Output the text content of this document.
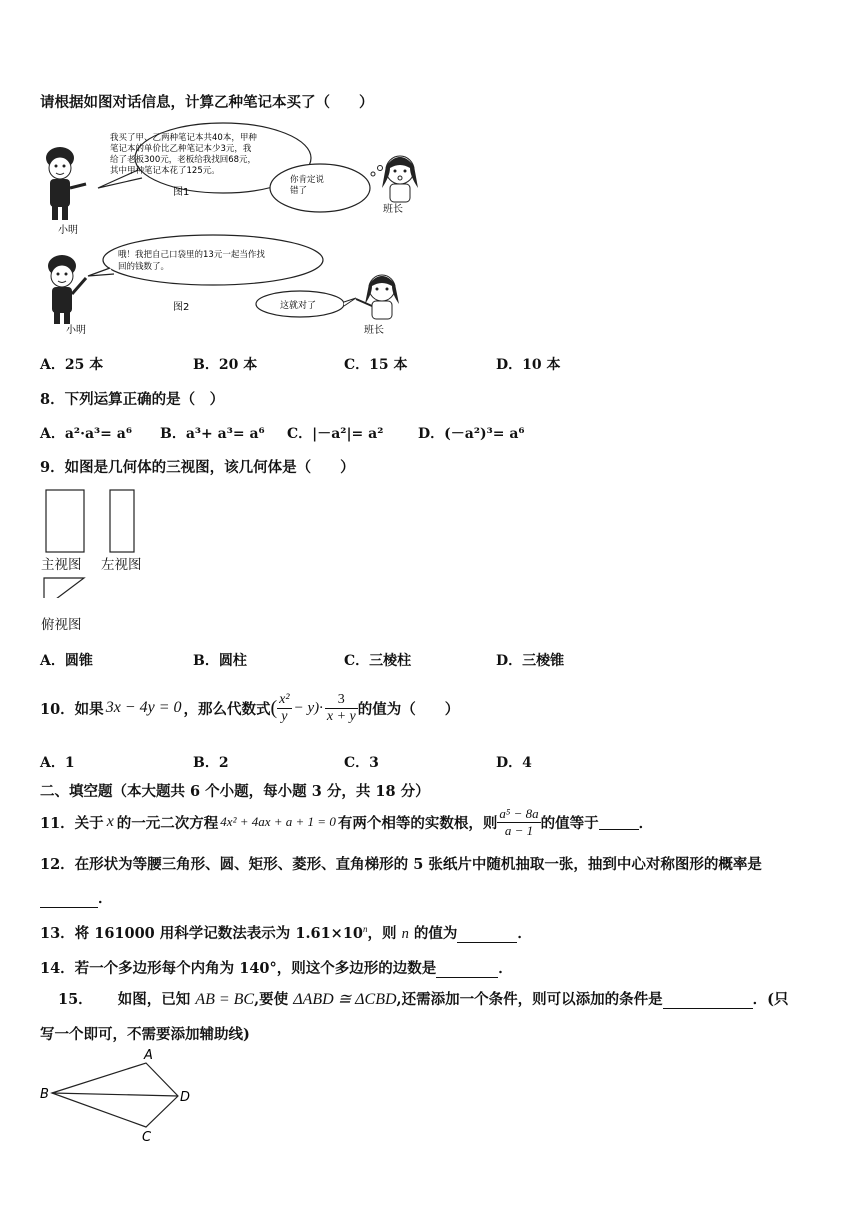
请根据如图对话信息，计算乙种笔记本买了（　　）
我买了甲、乙两种笔记本共40本，甲种
笔记本的单价比乙种笔记本少3元，我
给了老板300元，老板给我找回68元，
其中甲种笔记本花了125元。
图1
你肯定说
错了
小明
班长
哦！我把自己口袋里的13元一起当作找
回的钱数了。
图2	这就对了
小明	班长
A．25 本	B．20 本	C．15 本	D．10 本
8．下列运算正确的是（　）
A．a²·a³= a⁶ B．a³+ a³= a⁶ C．|－a²|= a² D．(－a²)³= a⁶
9．如图是几何体的三视图，该几何体是（　　）
主视图 左视图
俯视图
A．圆锥	B．圆柱	C．三棱柱	D．三棱锥
10．如果 3x − 4y = 0 ，那么代数式 ( $\frac{\text{x²}}{y} - y)\cdot \frac{3}{x + y}$ 的值为（　　）
A．1	B．2	C．3	D．4
二、填空题（本大题共 6 个小题，每小题 3 分，共 18 分）
11．关于 x 的一元二次方程 4x² + 4ax + a + 1 = 0 有两个相等的实数根，则 $\frac{\text{a⁵ − 8a}}{a - 1}$ 的值等于	．
12．在形状为等腰三角形、圆、矩形、菱形、直角梯形的 5 张纸片中随机抽取一张，抽到中心对称图形的概率是
．
13．将 161000 用科学记数法表示为 $1.61\times 10^n$，则 n 的值为	．
14．若一个多边形每个内角为 140°，则这个多边形的边数是	．
15． 如图，已知 AB = BC,要使 ΔABD ≅ ΔCBD,还需添加一个条件，则可以添加的条件是	．(只
写一个即可，不需要添加辅助线)
A
B
C
D
